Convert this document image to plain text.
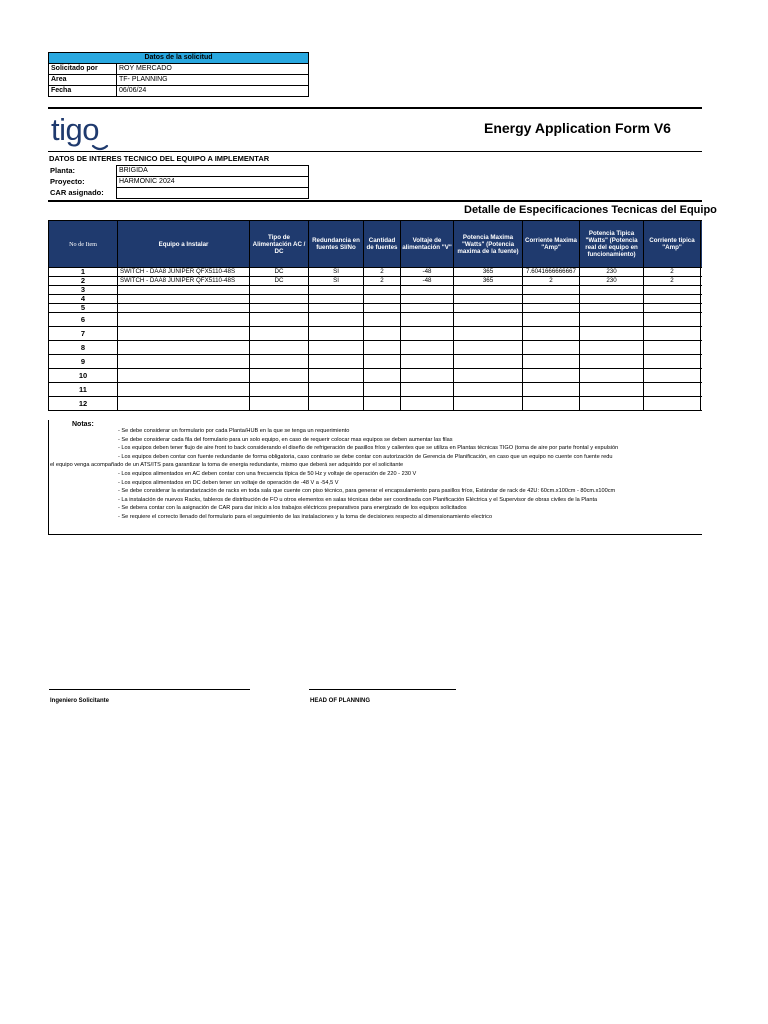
Datos de la solicitud	
Solicitado por	ROY MERCADO
Area	TF- PLANNING
Fecha	06/06/24
tigo	Energy Application Form V6
DATOS DE INTERES TECNICO DEL EQUIPO A IMPLEMENTAR
Planta:	BRIGIDA
Proyecto:	HARMONIC 2024
CAR asignado:	
Detalle de Especificaciones Tecnicas del Equipo
No de Item	Equipo a Instalar	Tipo de Alimentación AC / DC	Redundancia en fuentes SI/No	Cantidad de fuentes	Voltaje de alimentación "V"	Potencia Maxima "Watts" (Potencia maxima de la fuente)	Corriente Maxima "Amp"	Potencia Tipica "Watts" (Potencia real del equipo en funcionamiento)	Corriente tipica "Amp"	
1	SWITCH - DAA8 JUNIPER QFX5110-48S	DC	SI	2	-48	365	7.6041666666667	230	2	
2	SWITCH - DAA8 JUNIPER QFX5110-48S	DC	SI	2	-48	365	2	230	2	
3										
4										
5										
6										
7										
8										
9										
10										
11										
12										
Notas:
- Se debe considerar un formulario por cada Planta/HUB en la que se tenga un requerimiento
- Se debe considerar cada fila del formulario para un solo equipo, en caso de requerir colocar mas equipos se deben aumentar las filas
- Los equipos deben tener flujo de aire front to back considerando el diseño de refrigeración de pasillos fríos y calientes que se utiliza en Plantas técnicas TIGO (toma de aire por parte frontal y expulsión
- Los equipos deben contar con fuente redundante de forma obligatoria, caso contrario se debe contar con autorización de Gerencia de Planificación, en caso que un equipo no cuente con fuente redu
el equipo venga acompañado de un ATS/ITS para garantizar la toma de energia redundante, mismo que deberá ser adquirido por el solicitante
- Los equipos alimentados en AC deben contar con una frecuencia típica de 50 Hz y voltaje de operación de 220 - 230 V
- Los equipos alimentados en DC deben tener un voltaje de operación de -48 V a -54,5 V
- Se debe considerar la estandarización de racks en toda sala que cuente con piso técnico, para generar el encapsulamiento para pasillos fríos, Estándar de rack de 42U: 60cm.x100cm - 80cm.x100cm
- La instalación de nuevos Racks, tableros de distribución de FO u otros elementos en salas técnicas debe ser coordinada con Planificación Eléctrica y el Supervisor de obras civiles de la Planta
- Se debera contar con la asignación de CAR para dar inicio a los trabajos eléctricos preparativos para energizado de los equipos solicitados
- Se requiere el correcto llenado del formulario para el seguimiento de las instalaciones y la toma de decisiones respecto al dimensionamiento electrico
Ingeniero Solicitante	HEAD OF PLANNING
